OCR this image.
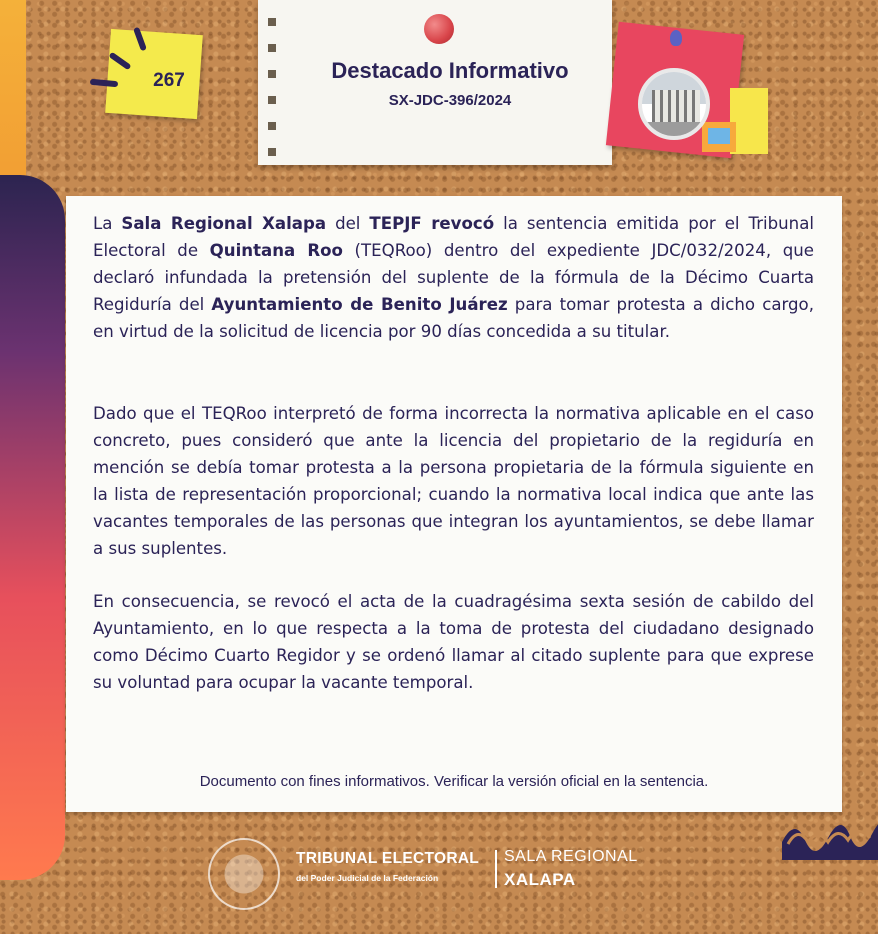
267	Destacado Informativo
SX-JDC-396/2024
La Sala Regional Xalapa del TEPJF revocó la sentencia emitida por el Tribunal Electoral de Quintana Roo (TEQRoo) dentro del expediente JDC/032/2024, que declaró infundada la pretensión del suplente de la fórmula de la Décimo Cuarta Regiduría del Ayuntamiento de Benito Juárez para tomar protesta a dicho cargo, en virtud de la solicitud de licencia por 90 días concedida a su titular.
Dado que el TEQRoo interpretó de forma incorrecta la normativa aplicable en el caso concreto, pues consideró que ante la licencia del propietario de la regiduría en mención se debía tomar protesta a la persona propietaria de la fórmula siguiente en la lista de representación proporcional; cuando la normativa local indica que ante las vacantes temporales de las personas que integran los ayuntamientos, se debe llamar a sus suplentes.
En consecuencia, se revocó el acta de la cuadragésima sexta sesión de cabildo del Ayuntamiento, en lo que respecta a la toma de protesta del ciudadano designado como Décimo Cuarto Regidor y se ordenó llamar al citado suplente para que exprese su voluntad para ocupar la vacante temporal.
Documento con fines informativos. Verificar la versión oficial en la sentencia.
TRIBUNAL ELECTORAL
del Poder Judicial de la Federación
SALA REGIONAL
XALAPA
